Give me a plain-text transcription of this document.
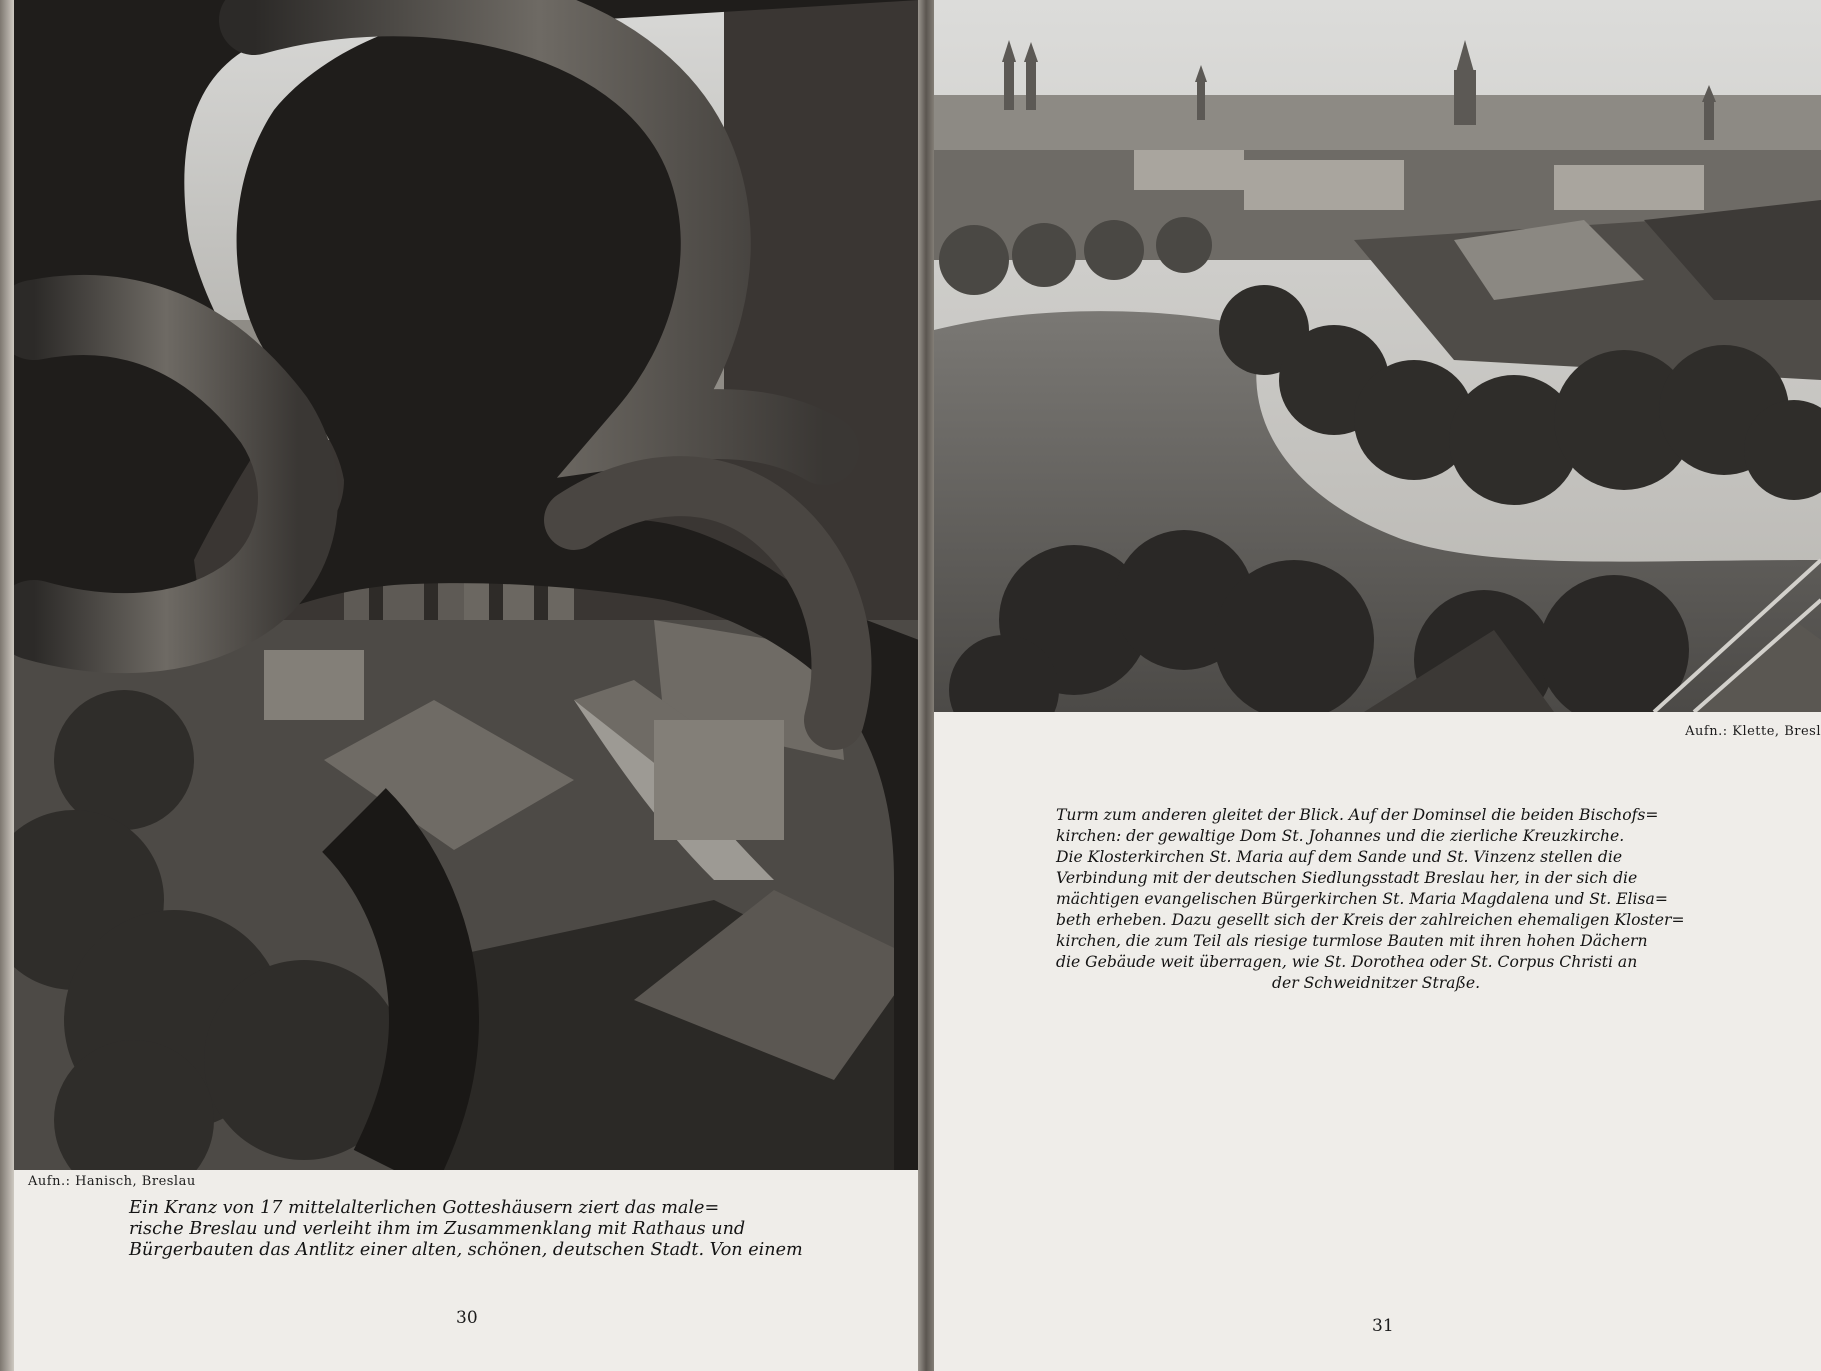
Aufn.: Hanisch, Breslau

Ein Kranz von 17 mittelalterlichen Gotteshäusern ziert das male=

rische Breslau und verleiht ihm im Zusammenklang mit Rathaus und

Bürgerbauten das Antlitz einer alten, schönen, deutschen Stadt. Von einem

30
Aufn.: Klette, Bresl

Turm zum anderen gleitet der Blick. Auf der Dominsel die beiden Bischofs=

kirchen: der gewaltige Dom St. Johannes und die zierliche Kreuzkirche.

Die Klosterkirchen St. Maria auf dem Sande und St. Vinzenz stellen die

Verbindung mit der deutschen Siedlungsstadt Breslau her, in der sich die

mächtigen evangelischen Bürgerkirchen St. Maria Magdalena und St. Elisa=

beth erheben. Dazu gesellt sich der Kreis der zahlreichen ehemaligen Kloster=

kirchen, die zum Teil als riesige turmlose Bauten mit ihren hohen Dächern

die Gebäude weit überragen, wie St. Dorothea oder St. Corpus Christi an

der Schweidnitzer Straße.

31
